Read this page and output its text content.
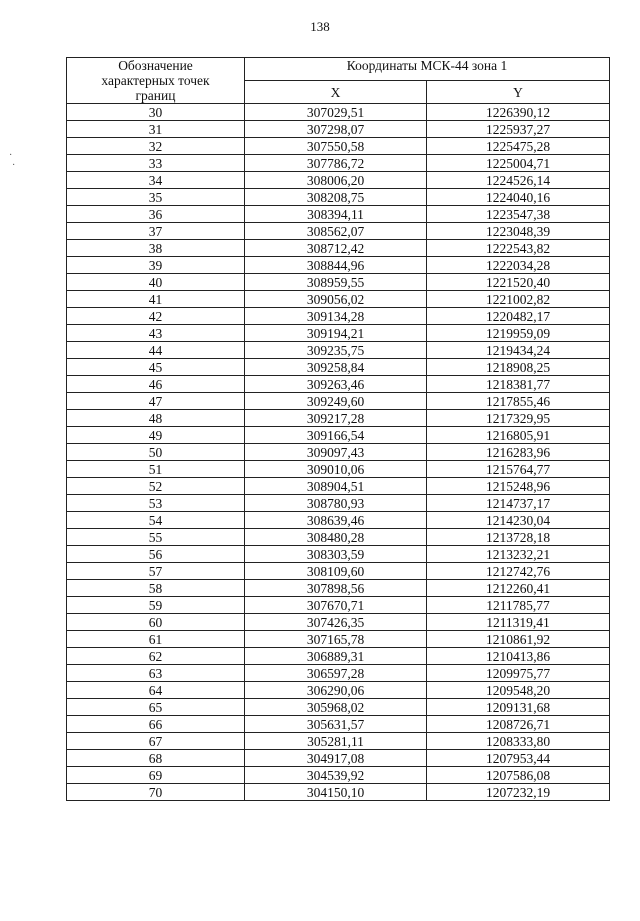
138
·
·
Обозначение
характерных точек
границ	Координаты МСК-44 зона 1	
	X	Y
30	307029,51	1226390,12
31	307298,07	1225937,27
32	307550,58	1225475,28
33	307786,72	1225004,71
34	308006,20	1224526,14
35	308208,75	1224040,16
36	308394,11	1223547,38
37	308562,07	1223048,39
38	308712,42	1222543,82
39	308844,96	1222034,28
40	308959,55	1221520,40
41	309056,02	1221002,82
42	309134,28	1220482,17
43	309194,21	1219959,09
44	309235,75	1219434,24
45	309258,84	1218908,25
46	309263,46	1218381,77
47	309249,60	1217855,46
48	309217,28	1217329,95
49	309166,54	1216805,91
50	309097,43	1216283,96
51	309010,06	1215764,77
52	308904,51	1215248,96
53	308780,93	1214737,17
54	308639,46	1214230,04
55	308480,28	1213728,18
56	308303,59	1213232,21
57	308109,60	1212742,76
58	307898,56	1212260,41
59	307670,71	1211785,77
60	307426,35	1211319,41
61	307165,78	1210861,92
62	306889,31	1210413,86
63	306597,28	1209975,77
64	306290,06	1209548,20
65	305968,02	1209131,68
66	305631,57	1208726,71
67	305281,11	1208333,80
68	304917,08	1207953,44
69	304539,92	1207586,08
70	304150,10	1207232,19
